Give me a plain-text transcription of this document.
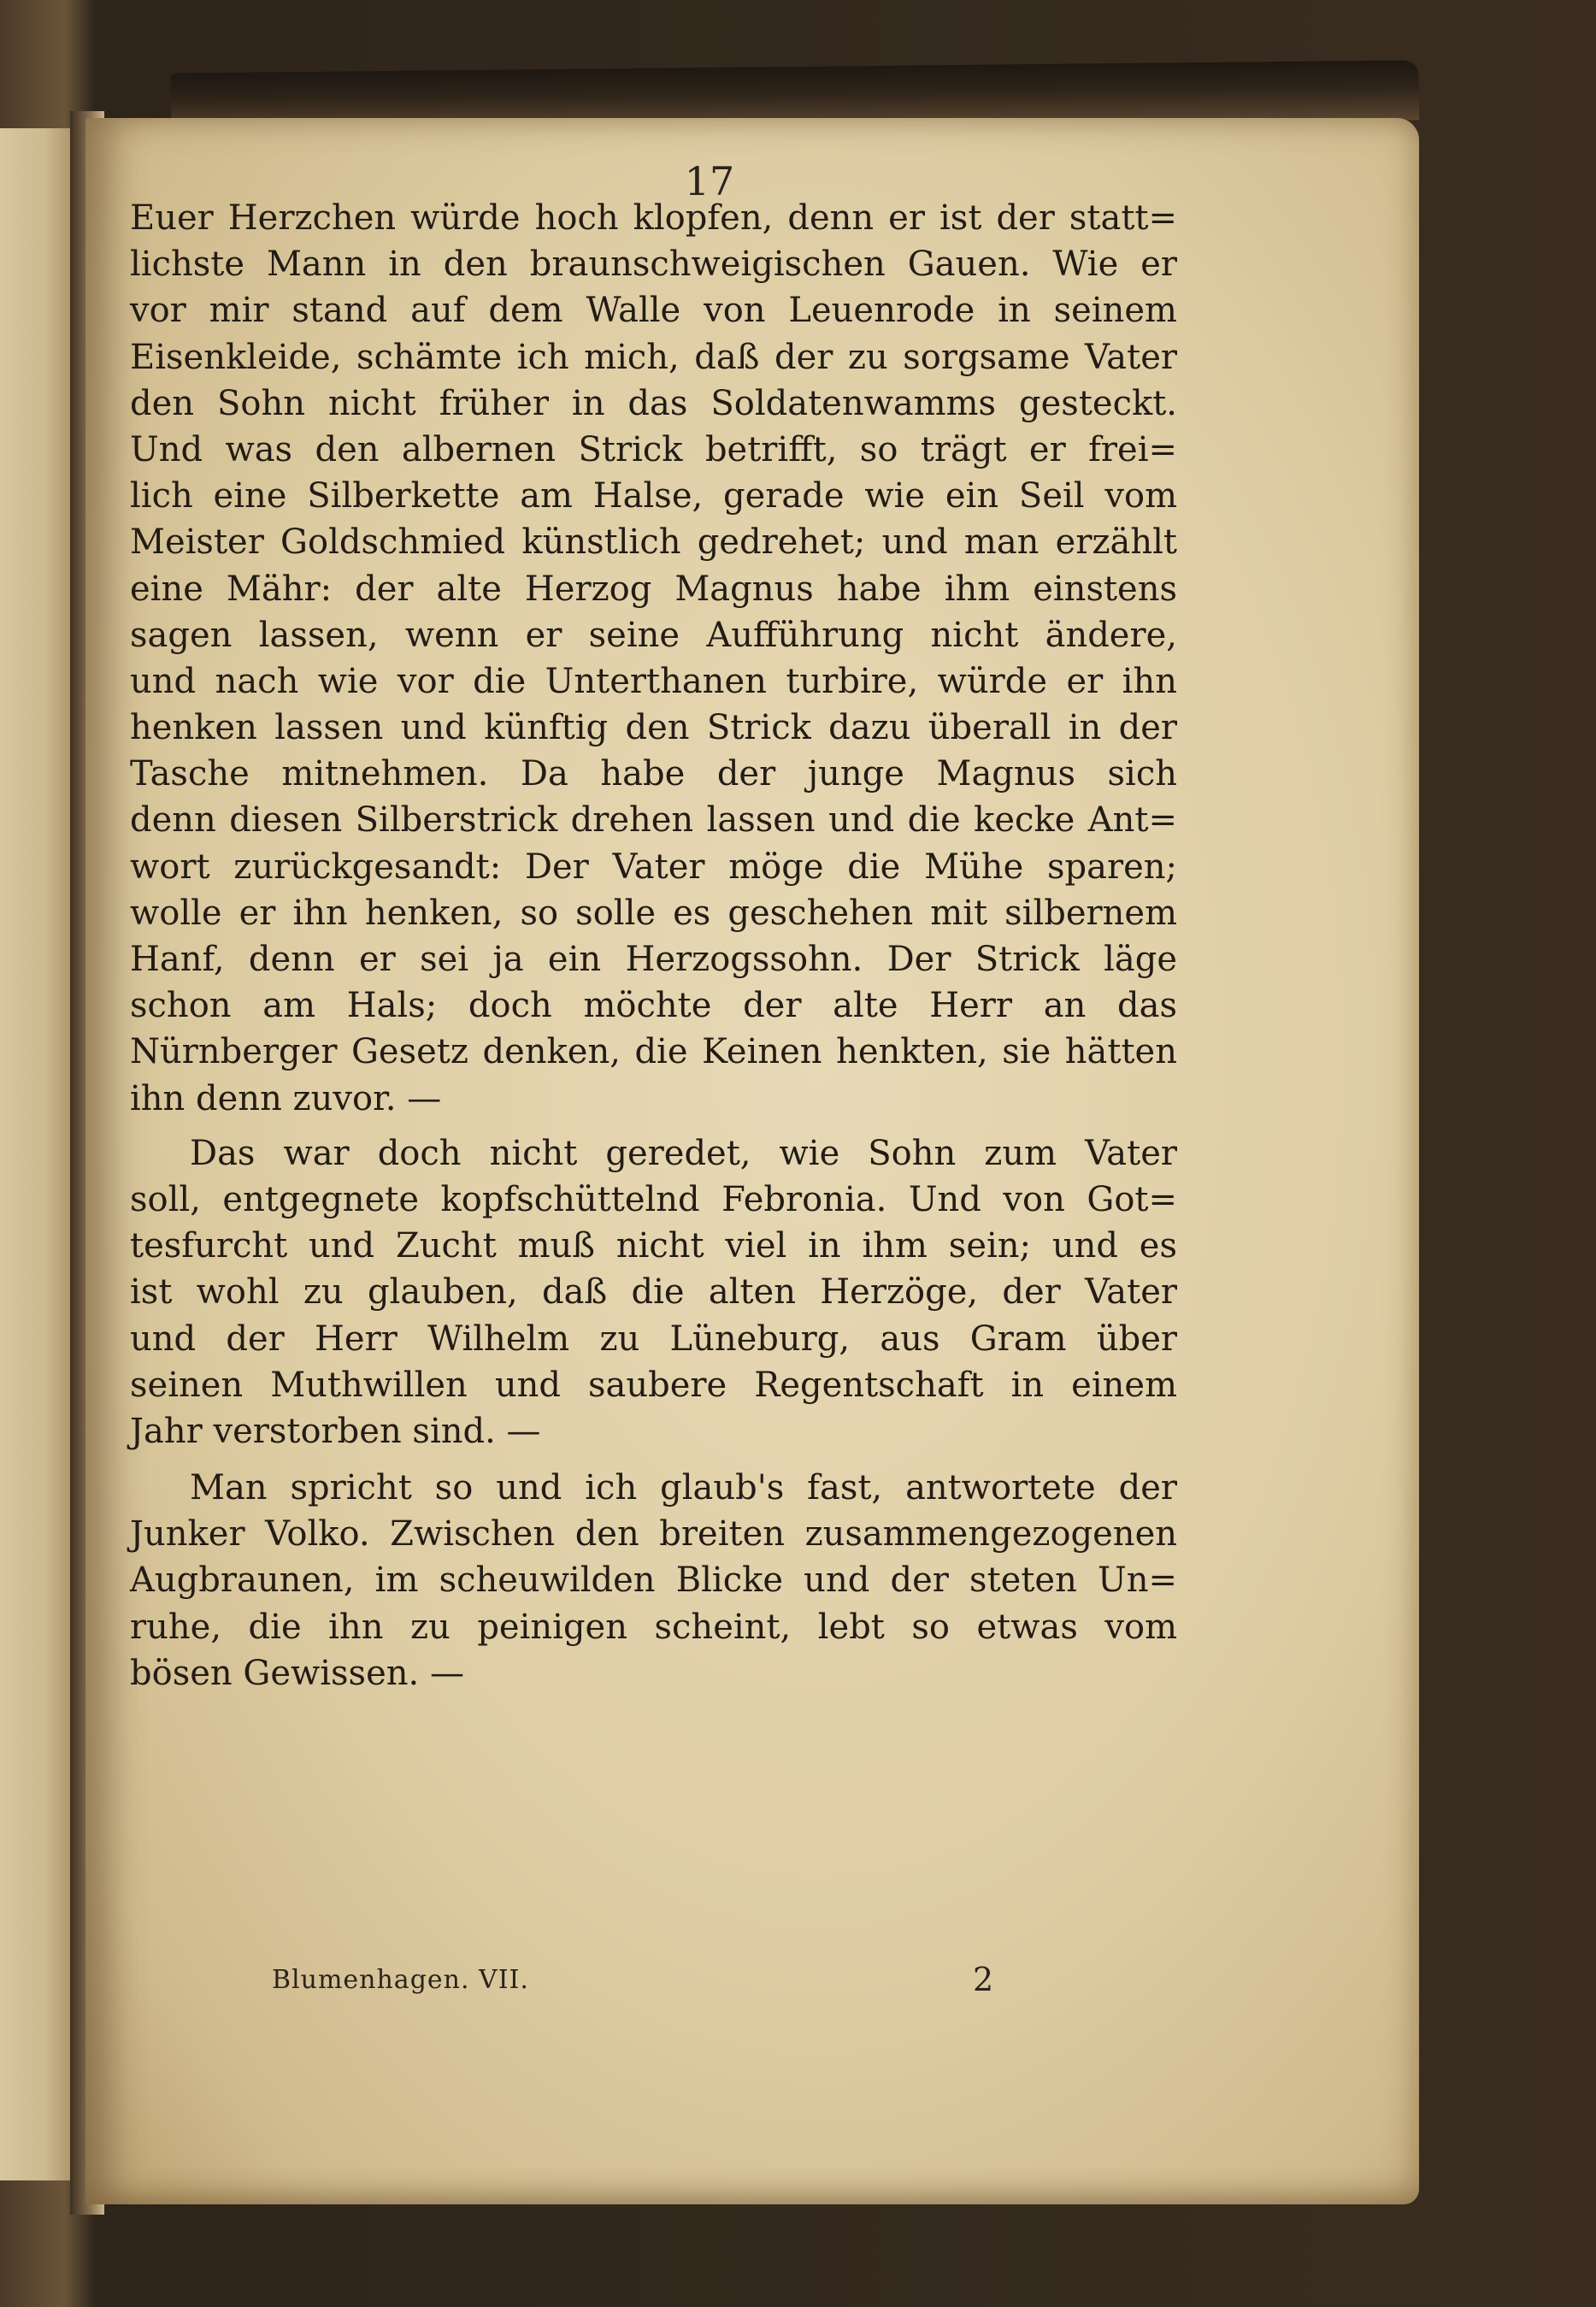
17
Euer Herzchen würde hoch klopfen, denn er ist der statt=
lichste Mann in den braunschweigischen Gauen. Wie er
vor mir stand auf dem Walle von Leuenrode in seinem
Eisenkleide, schämte ich mich, daß der zu sorgsame Vater
den Sohn nicht früher in das Soldatenwamms gesteckt.
Und was den albernen Strick betrifft, so trägt er frei=
lich eine Silberkette am Halse, gerade wie ein Seil vom
Meister Goldschmied künstlich gedrehet; und man erzählt
eine Mähr: der alte Herzog Magnus habe ihm einstens
sagen lassen, wenn er seine Aufführung nicht ändere,
und nach wie vor die Unterthanen turbire, würde er ihn
henken lassen und künftig den Strick dazu überall in der
Tasche mitnehmen. Da habe der junge Magnus sich
denn diesen Silberstrick drehen lassen und die kecke Ant=
wort zurückgesandt: Der Vater möge die Mühe sparen;
wolle er ihn henken, so solle es geschehen mit silbernem
Hanf, denn er sei ja ein Herzogssohn. Der Strick läge
schon am Hals; doch möchte der alte Herr an das
Nürnberger Gesetz denken, die Keinen henkten, sie hätten
ihn denn zuvor. —
Das war doch nicht geredet, wie Sohn zum Vater
soll, entgegnete kopfschüttelnd Febronia. Und von Got=
tesfurcht und Zucht muß nicht viel in ihm sein; und es
ist wohl zu glauben, daß die alten Herzöge, der Vater
und der Herr Wilhelm zu Lüneburg, aus Gram über
seinen Muthwillen und saubere Regentschaft in einem
Jahr verstorben sind. —
Man spricht so und ich glaub's fast, antwortete der
Junker Volko. Zwischen den breiten zusammengezogenen
Augbraunen, im scheuwilden Blicke und der steten Un=
ruhe, die ihn zu peinigen scheint, lebt so etwas vom
bösen Gewissen. —
Blumenhagen. VII.	2
